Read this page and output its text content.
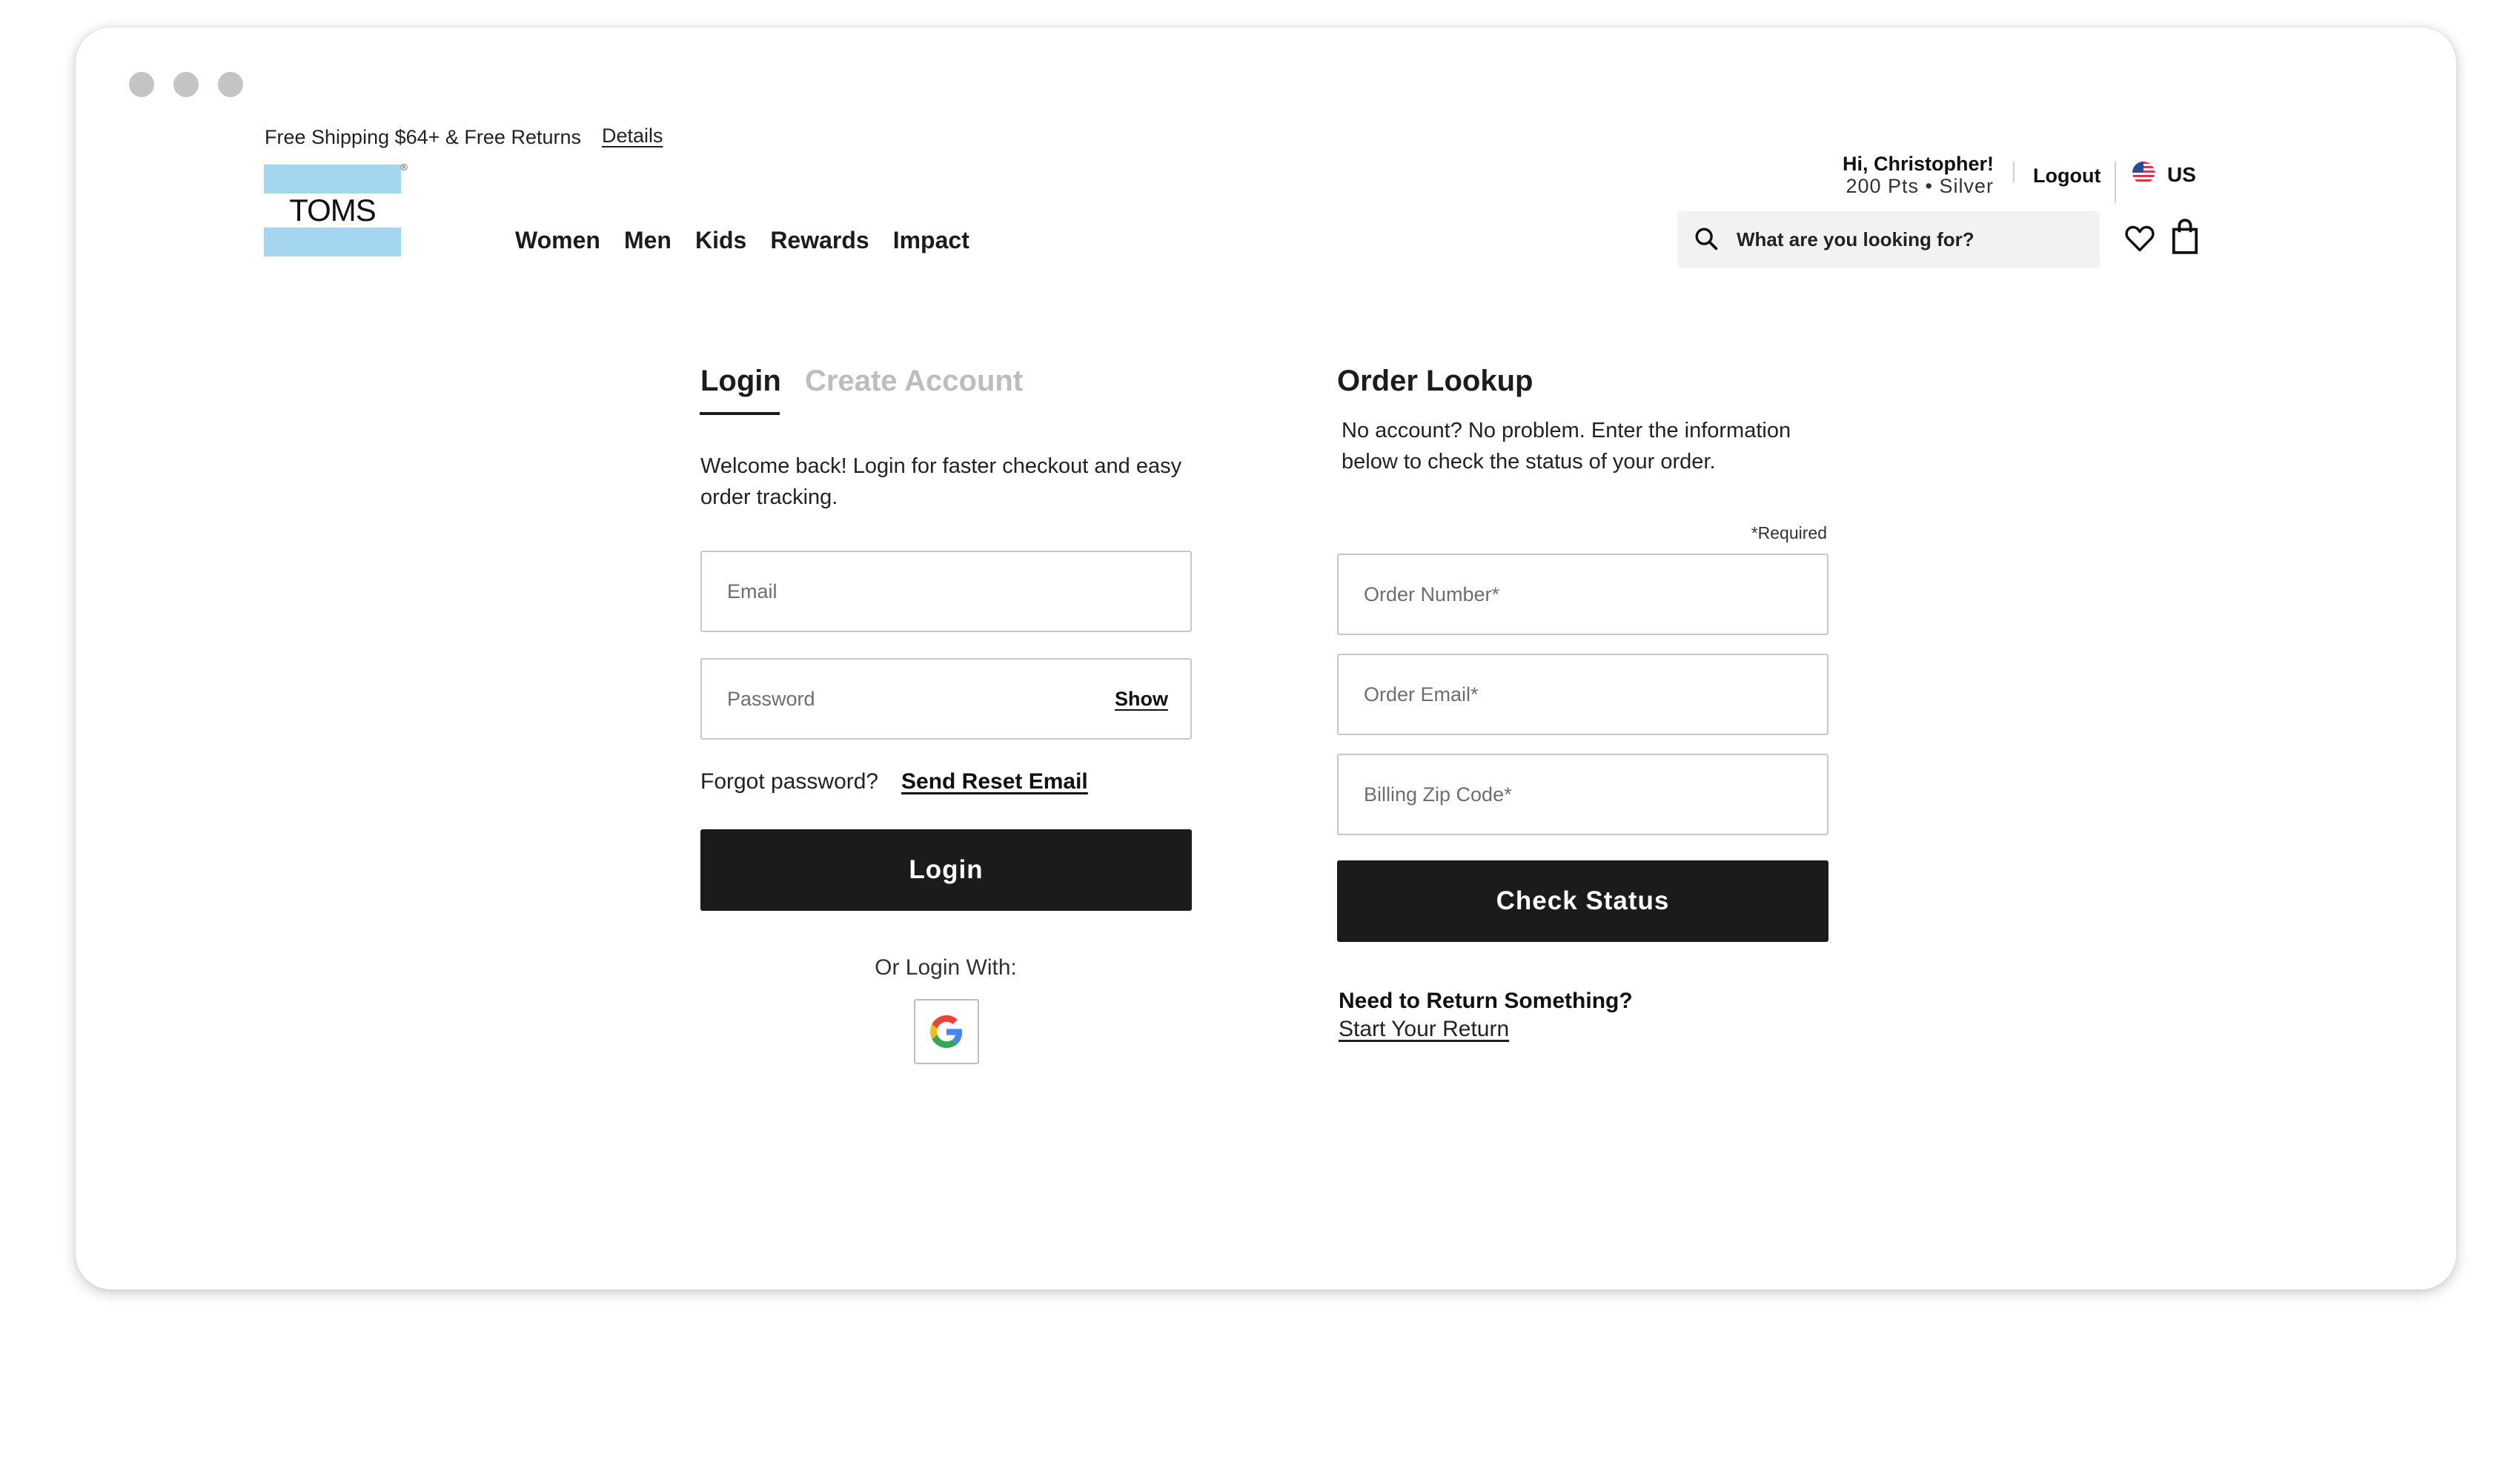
Free Shipping $64+ & Free Returns Details
TOMS
®
Women Men Kids Rewards Impact
Hi, Christopher!
200 Pts • Silver Logout	US
What are you looking for?
Login Create Account
Welcome back! Login for faster checkout and easy order tracking.
Email
Show
Forgot password? Send Reset Email
Login
Or Login With:
Order Lookup
No account? No problem. Enter the information below to check the status of your order.
*Required
Order Number*
Order Email*
Billing Zip Code*
Check Status
Need to Return Something?
Start Your Return
